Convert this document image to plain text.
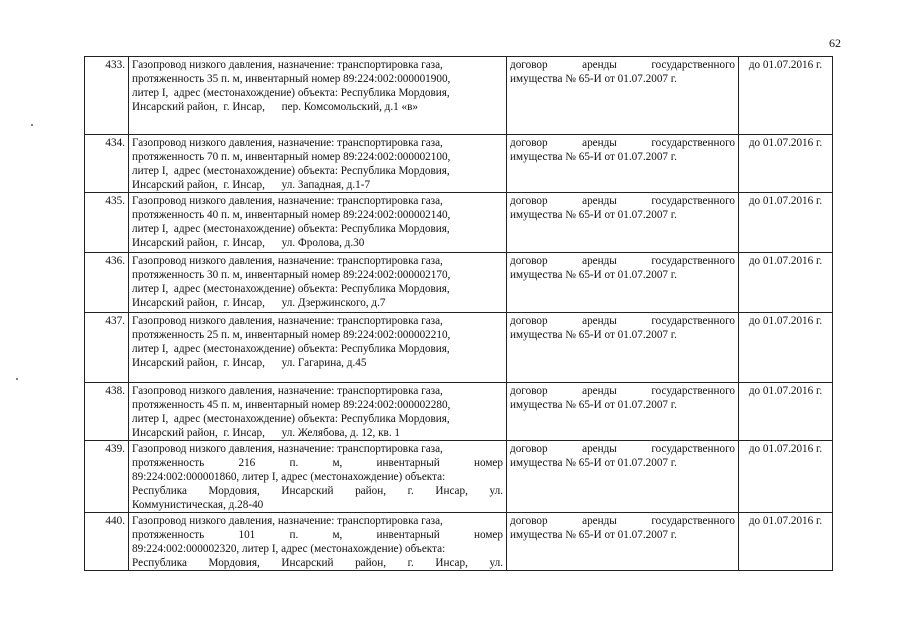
62
433.	Газопровод низкого давления, назначение: транспортировка газа,
протяженность 35 п. м, инвентарный номер 89:224:002:000001900,
литер I,  адрес (местонахождение) объекта: Республика Мордовия,
Инсарский район,  г. Инсар,      пер. Комсомольский, д.1 «в»	договор аренды государственного
имущества № 65-И от 01.07.2007 г.	до 01.07.2016 г.
434.	Газопровод низкого давления, назначение: транспортировка газа,
протяженность 70 п. м, инвентарный номер 89:224:002:000002100,
литер I,  адрес (местонахождение) объекта: Республика Мордовия,
Инсарский район,  г. Инсар,      ул. Западная, д.1-7	договор аренды государственного
имущества № 65-И от 01.07.2007 г.	до 01.07.2016 г.
435.	Газопровод низкого давления, назначение: транспортировка газа,
протяженность 40 п. м, инвентарный номер 89:224:002:000002140,
литер I,  адрес (местонахождение) объекта: Республика Мордовия,
Инсарский район,  г. Инсар,      ул. Фролова, д.30	договор аренды государственного
имущества № 65-И от 01.07.2007 г.	до 01.07.2016 г.
436.	Газопровод низкого давления, назначение: транспортировка газа,
протяженность 30 п. м, инвентарный номер 89:224:002:000002170,
литер I,  адрес (местонахождение) объекта: Республика Мордовия,
Инсарский район,  г. Инсар,      ул. Дзержинского, д.7	договор аренды государственного
имущества № 65-И от 01.07.2007 г.	до 01.07.2016 г.
437.	Газопровод низкого давления, назначение: транспортировка газа,
протяженность 25 п. м, инвентарный номер 89:224:002:000002210,
литер I,  адрес (местонахождение) объекта: Республика Мордовия,
Инсарский район,  г. Инсар,      ул. Гагарина, д.45	договор аренды государственного
имущества № 65-И от 01.07.2007 г.	до 01.07.2016 г.
438.	Газопровод низкого давления, назначение: транспортировка газа,
протяженность 45 п. м, инвентарный номер 89:224:002:000002280,
литер I,  адрес (местонахождение) объекта: Республика Мордовия,
Инсарский район,  г. Инсар,      ул. Желябова, д. 12, кв. 1	договор аренды государственного
имущества № 65-И от 01.07.2007 г.	до 01.07.2016 г.
439.	Газопровод низкого давления, назначение: транспортировка газа,
протяженность 216 п. м, инвентарный номер
89:224:002:000001860, литер I, адрес (местонахождение) объекта:
Республика Мордовия, Инсарский район, г. Инсар, ул.
Коммунистическая, д.28-40	договор аренды государственного
имущества № 65-И от 01.07.2007 г.	до 01.07.2016 г.
440.	Газопровод низкого давления, назначение: транспортировка газа,
протяженность 101 п. м, инвентарный номер
89:224:002:000002320, литер I, адрес (местонахождение) объекта:
Республика Мордовия, Инсарский район, г. Инсар, ул.	договор аренды государственного
имущества № 65-И от 01.07.2007 г.	до 01.07.2016 г.
